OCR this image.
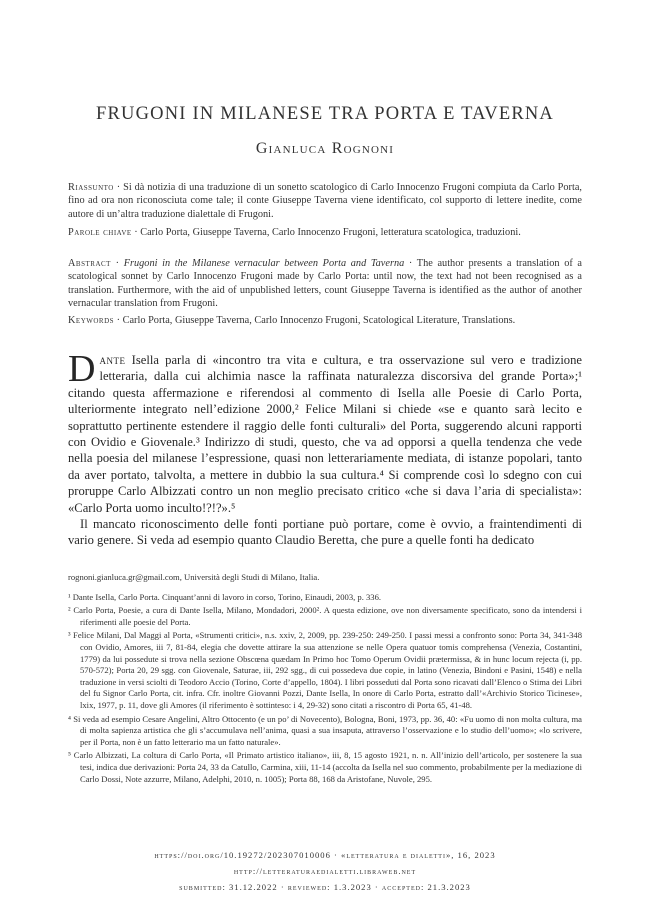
FRUGONI IN MILANESE TRA PORTA E TAVERNA
Gianluca Rognoni
Riassunto · Si dà notizia di una traduzione di un sonetto scatologico di Carlo Innocenzo Frugoni compiuta da Carlo Porta, fino ad ora non riconosciuta come tale; il conte Giuseppe Taverna viene identificato, col supporto di lettere inedite, come autore di un’altra traduzione dialettale di Frugoni.
Parole chiave · Carlo Porta, Giuseppe Taverna, Carlo Innocenzo Frugoni, letteratura scatologica, traduzioni.
Abstract · Frugoni in the Milanese vernacular between Porta and Taverna · The author presents a translation of a scatological sonnet by Carlo Innocenzo Frugoni made by Carlo Porta: until now, the text had not been recognised as a translation. Furthermore, with the aid of unpublished letters, count Giuseppe Taverna is identified as the author of another vernacular translation from Frugoni.
Keywords · Carlo Porta, Giuseppe Taverna, Carlo Innocenzo Frugoni, Scatological Literature, Translations.

Dante Isella parla di «incontro tra vita e cultura, e tra osservazione sul vero e tradizione letteraria, dalla cui alchimia nasce la raffinata naturalezza discorsiva del grande Porta»;¹ citando questa affermazione e riferendosi al commento di Isella alle Poesie di Carlo Porta, ulteriormente integrato nell’edizione 2000,² Felice Milani si chiede «se e quanto sarà lecito e soprattutto pertinente estendere il raggio delle fonti culturali» del Porta, suggerendo alcuni rapporti con Ovidio e Giovenale.³ Indirizzo di studi, questo, che va ad opporsi a quella tendenza che vede nella poesia del milanese l’espressione, quasi non letterariamente mediata, di istanze popolari, tanto da aver portato, talvolta, a mettere in dubbio la sua cultura.⁴ Si comprende così lo sdegno con cui proruppe Carlo Albizzati contro un non meglio precisato critico «che si dava l’aria di specialista»: «Carlo Porta uomo inculto!?!?».⁵

Il mancato riconoscimento delle fonti portiane può portare, come è ovvio, a fraintendimenti di vario genere. Si veda ad esempio quanto Claudio Beretta, che pure a quelle fonti ha dedicato

rognoni.gianluca.gr@gmail.com, Università degli Studi di Milano, Italia.

¹ Dante Isella, Carlo Porta. Cinquant’anni di lavoro in corso, Torino, Einaudi, 2003, p. 336.

² Carlo Porta, Poesie, a cura di Dante Isella, Milano, Mondadori, 2000². A questa edizione, ove non diversamente specificato, sono da intendersi i riferimenti alle poesie del Porta.

³ Felice Milani, Dal Maggi al Porta, «Strumenti critici», n.s. xxiv, 2, 2009, pp. 239-250: 249-250. I passi messi a confronto sono: Porta 34, 341-348 con Ovidio, Amores, iii 7, 81-84, elegia che dovette attirare la sua attenzione se nelle Opera quatuor tomis comprehensa (Venezia, Costantini, 1779) da lui possedute si trova nella sezione Obscœna quædam In Primo hoc Tomo Operum Ovidii prætermissa, & in hunc locum rejecta (i, pp. 570-572); Porta 20, 29 sgg. con Giovenale, Saturae, iii, 292 sgg., di cui possedeva due copie, in latino (Venezia, Bindoni e Pasini, 1548) e nella traduzione in versi sciolti di Teodoro Accio (Torino, Corte d’appello, 1804). I libri posseduti dal Porta sono ricavati dall’Elenco o Stima dei Libri del fu Signor Carlo Porta, cit. infra. Cfr. inoltre Giovanni Pozzi, Dante Isella, In onore di Carlo Porta, estratto dall’«Archivio Storico Ticinese», lxix, 1977, p. 11, dove gli Amores (il riferimento è sottinteso: i 4, 29-32) sono citati a riscontro di Porta 65, 41-48.

⁴ Si veda ad esempio Cesare Angelini, Altro Ottocento (e un po’ di Novecento), Bologna, Boni, 1973, pp. 36, 40: «Fu uomo di non molta cultura, ma di molta sapienza artistica che gli s’accumulava nell’anima, quasi a sua insaputa, attraverso l’osservazione e lo studio dell’uomo»; «lo scrivere, per il Porta, non è un fatto letterario ma un fatto naturale».

⁵ Carlo Albizzati, La coltura di Carlo Porta, «Il Primato artistico italiano», iii, 8, 15 agosto 1921, n. n. All’inizio dell’articolo, per sostenere la sua tesi, indica due derivazioni: Porta 24, 33 da Catullo, Carmina, xiii, 11-14 (accolta da Isella nel suo commento, probabilmente per la mediazione di Carlo Dossi, Note azzurre, Milano, Adelphi, 2010, n. 1005); Porta 88, 168 da Aristofane, Nuvole, 295.

https://doi.org/10.19272/202307010006 · «letteratura e dialetti», 16, 2023
http://letteraturaedialetti.libraweb.net
submitted: 31.12.2022 · reviewed: 1.3.2023 · accepted: 21.3.2023
